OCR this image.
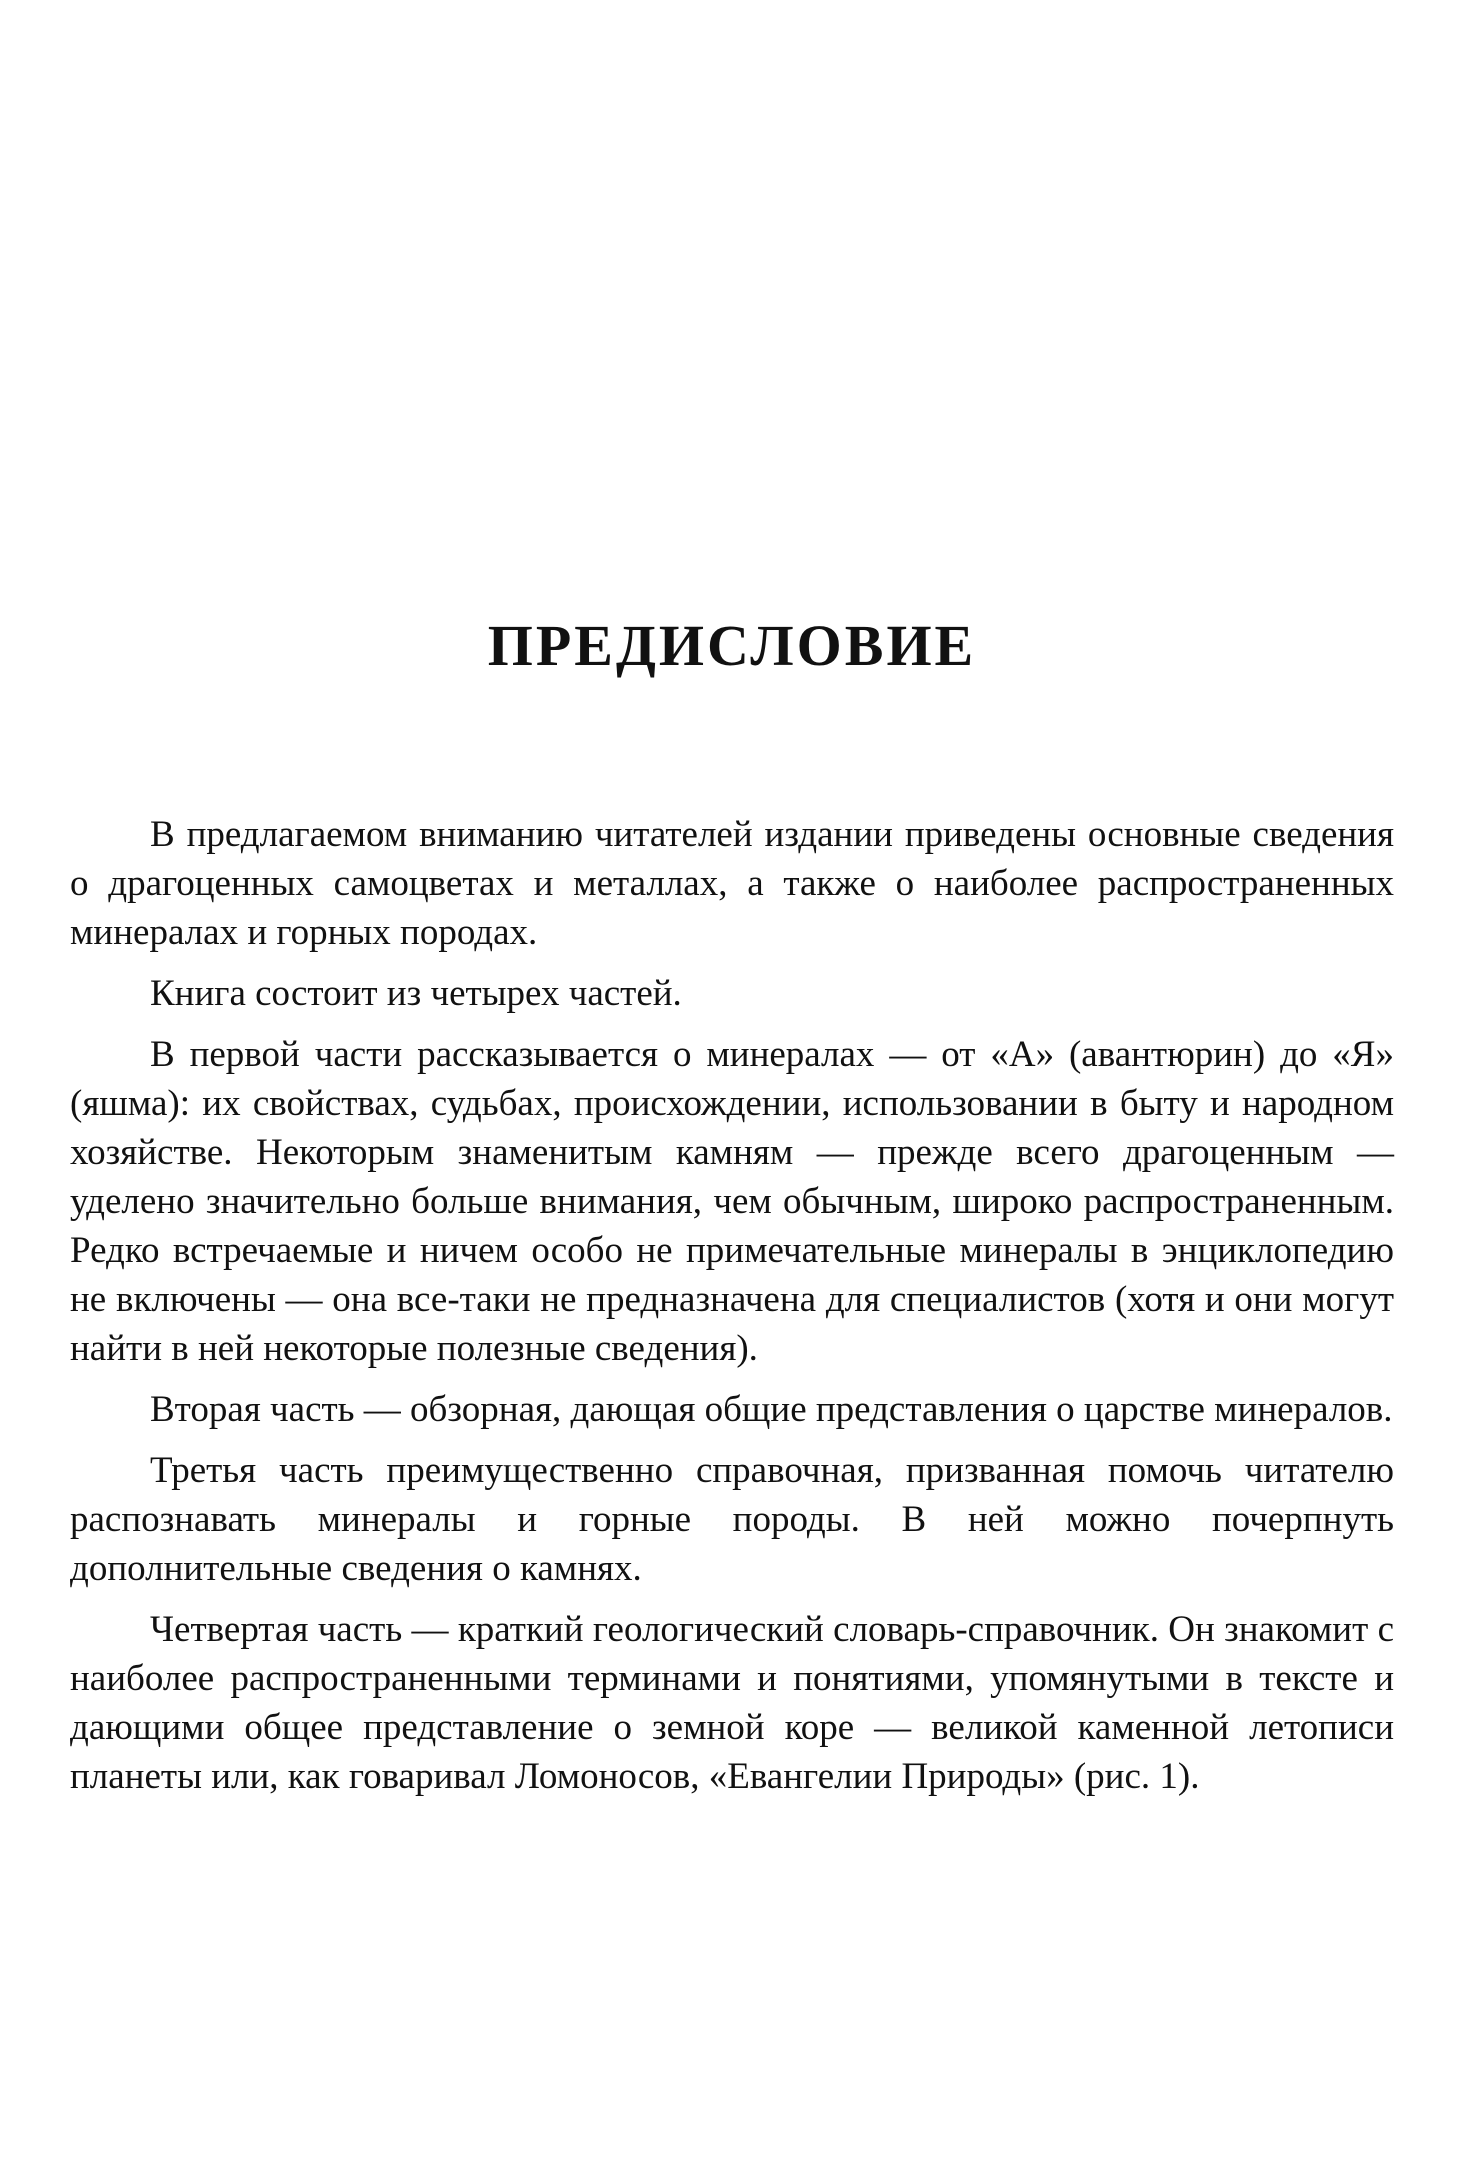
ПРЕДИСЛОВИЕ

В предлагаемом вниманию читателей издании приведены основные сведения о драгоценных самоцветах и металлах, а также о наиболее распространенных минералах и горных породах.

Книга состоит из четырех частей.

В первой части рассказывается о минералах — от «А» (авантюрин) до «Я» (яшма): их свойствах, судьбах, происхождении, использовании в быту и народном хозяйстве. Некоторым знаменитым камням — прежде всего драгоценным — уделено значительно больше внимания, чем обычным, широко распространенным. Редко встречаемые и ничем особо не примечательные минералы в энциклопедию не включены — она все-таки не предназначена для специалистов (хотя и они могут найти в ней некоторые полезные сведения).

Вторая часть — обзорная, дающая общие представления о царстве минералов.

Третья часть преимущественно справочная, призванная помочь читателю распознавать минералы и горные породы. В ней можно почерпнуть дополнительные сведения о камнях.

Четвертая часть — краткий геологический словарь-справочник. Он знакомит с наиболее распространенными терминами и понятиями, упомянутыми в тексте и дающими общее представление о земной коре — великой каменной летописи планеты или, как говаривал Ломоносов, «Евангелии Природы» (рис. 1).
